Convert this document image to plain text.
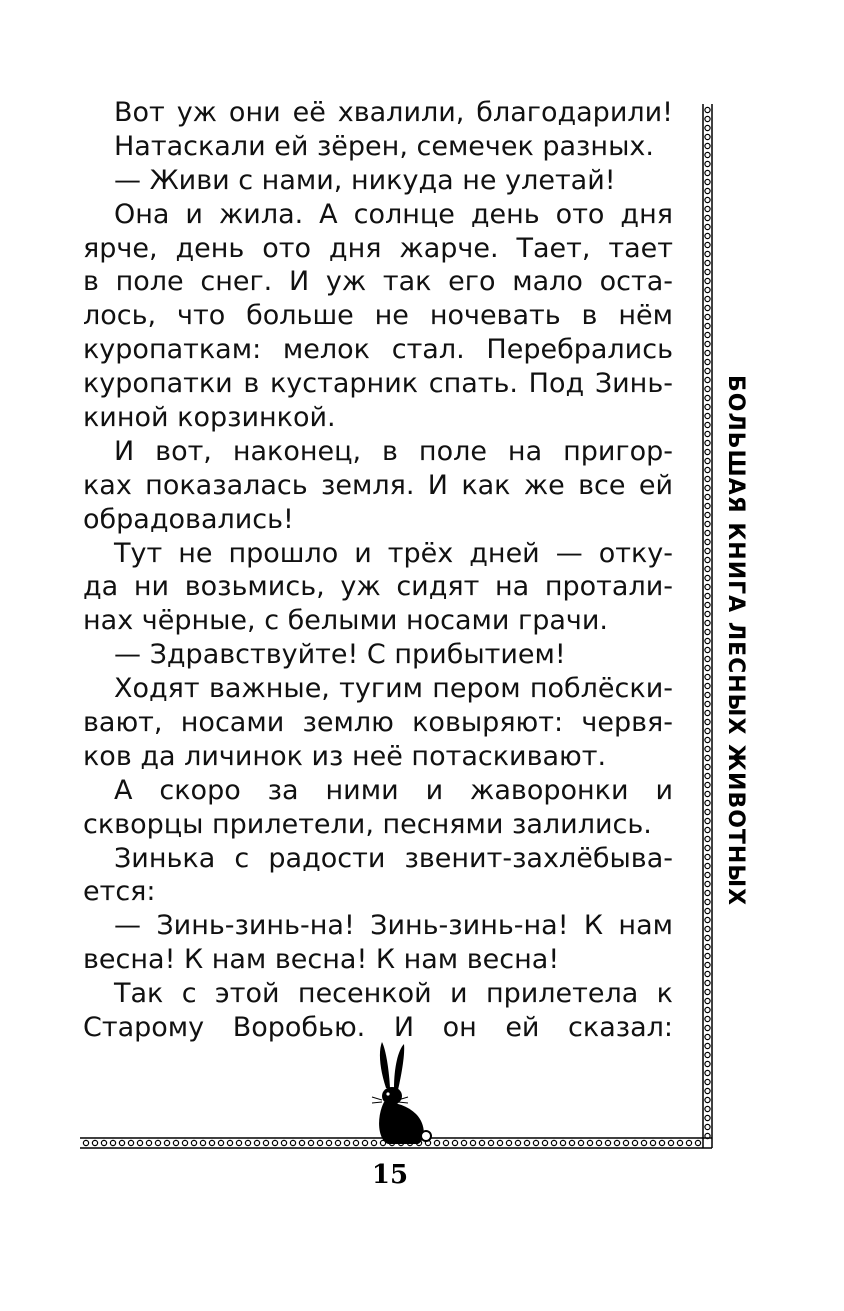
Вот уж они её хвалили, благодарили!
Натаскали ей зёрен, семечек разных.
— Живи с нами, никуда не улетай!
Она и жила. А солнце день ото дня
ярче, день ото дня жарче. Тает, тает
в поле снег. И уж так его мало оста-
лось, что больше не ночевать в нём
куропаткам: мелок стал. Перебрались
куропатки в кустарник спать. Под Зинь-
киной корзинкой.
И вот, наконец, в поле на пригор-
ках показалась земля. И как же все ей
обрадовались!
Тут не прошло и трёх дней — отку-
да ни возьмись, уж сидят на протали-
нах чёрные, с белыми носами грачи.
— Здравствуйте! С прибытием!
Ходят важные, тугим пером поблёски-
вают, носами землю ковыряют: червя-
ков да личинок из неё потаскивают.
А скоро за ними и жаворонки и
скворцы прилетели, песнями залились.
Зинька с радости звенит-захлёбыва-
ется:
— Зинь-зинь-на! Зинь-зинь-на! К нам
весна! К нам весна! К нам весна!
Так с этой песенкой и прилетела к
Старому Воробью. И он ей сказал:
БОЛЬШАЯ КНИГА ЛЕСНЫХ ЖИВОТНЫХ
15
